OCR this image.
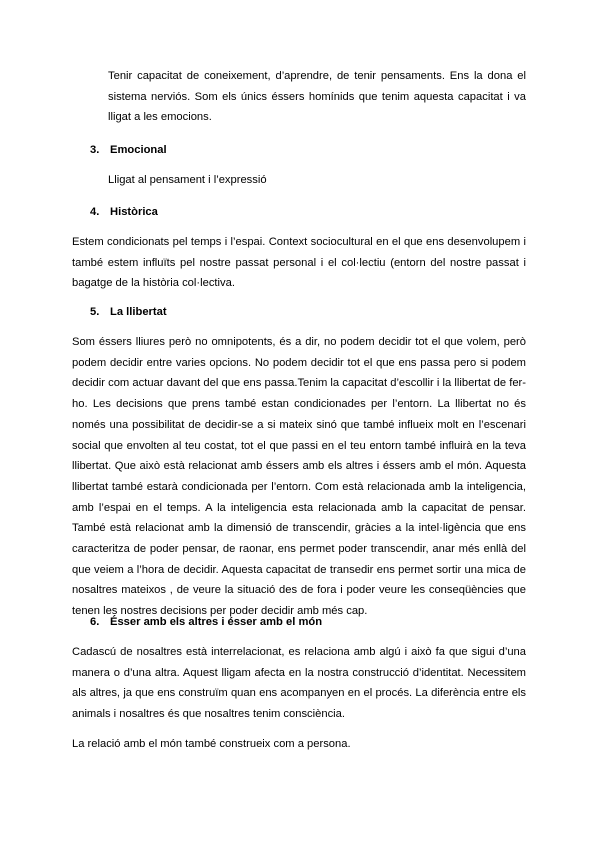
Tenir capacitat de coneixement, d’aprendre, de tenir pensaments. Ens la dona el sistema nerviós. Som els únics éssers homínids que tenim aquesta capacitat i va lligat a les emocions.

3. Emocional

Lligat al pensament i l’expressió

4. Històrica

Estem condicionats pel temps i l’espai. Context sociocultural en el que ens desenvolupem i també estem influïts pel nostre passat personal i el col·lectiu (entorn del nostre passat i bagatge de la història col·lectiva.

5. La llibertat

Som éssers lliures però no omnipotents, és a dir, no podem decidir tot el que volem, però podem decidir entre varies opcions. No podem decidir tot el que ens passa pero si podem decidir com actuar davant del que ens passa.Tenim la capacitat d’escollir i la llibertat de fer-ho. Les decisions que prens també estan condicionades per l’entorn. La llibertat no és només una possibilitat de decidir-se a si mateix sinó que també influeix molt en l’escenari social que envolten al teu costat, tot el que passi en el teu entorn també influirà en la teva llibertat. Que això està relacionat amb éssers amb els altres i éssers amb el món. Aquesta llibertat també estarà condicionada per l’entorn. Com està relacionada amb la inteligencia, amb l’espai en el temps. A la inteligencia esta relacionada amb la capacitat de pensar. També està relacionat amb la dimensió de transcendir, gràcies a la intel·ligència que ens caracteritza de poder pensar, de raonar, ens permet poder transcendir, anar més enllà del que veiem a l’hora de decidir. Aquesta capacitat de transedir ens permet sortir una mica de nosaltres mateixos , de veure la situació des de fora i poder veure les conseqüències que tenen les nostres decisions per poder decidir amb més cap.

6. Ésser amb els altres i ésser amb el món

Cadascú de nosaltres està interrelacionat, es relaciona amb algú i això fa que sigui d’una manera o d’una altra. Aquest lligam afecta en la nostra construcció d’identitat. Necessitem als altres, ja que ens construïm quan ens acompanyen en el procés. La diferència entre els animals i nosaltres és que nosaltres tenim consciència.

La relació amb el món també construeix com a persona.
